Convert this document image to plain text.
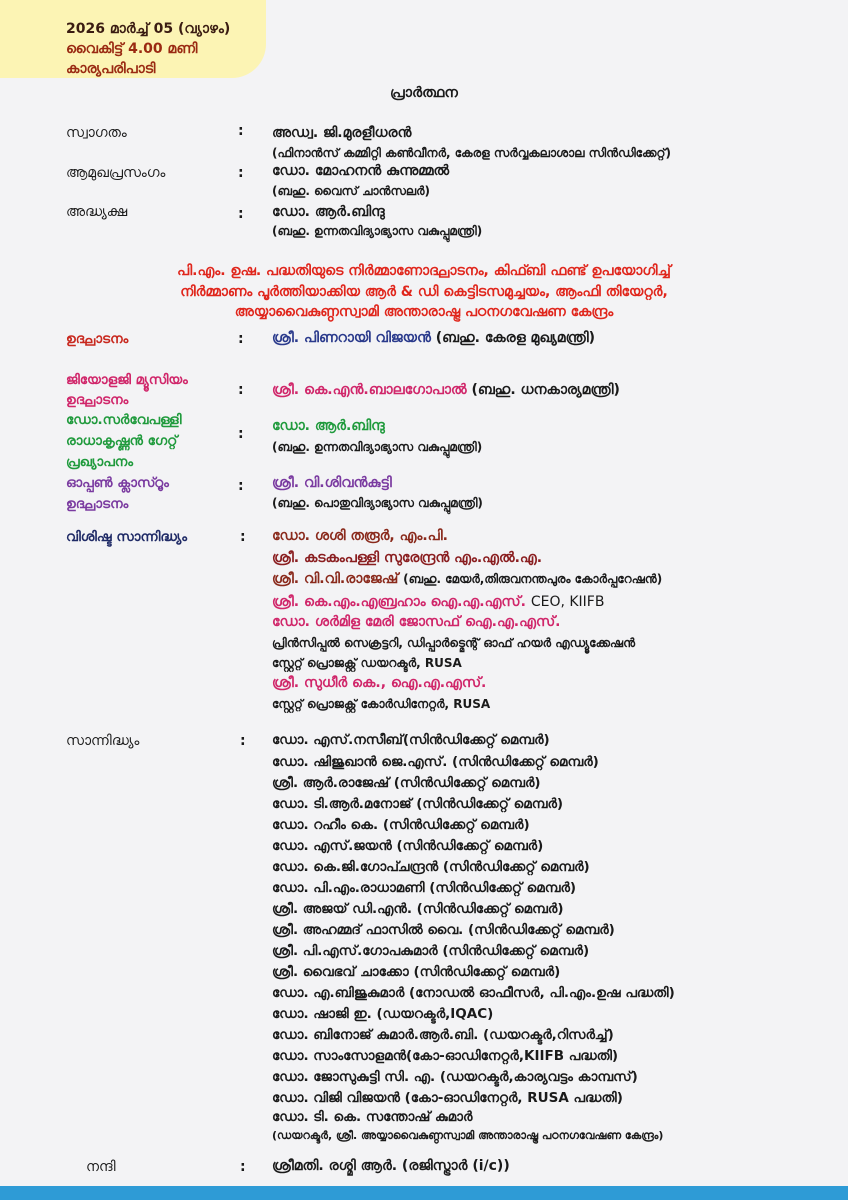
2026 മാർച്ച് 05 (വ്യാഴം)
വൈകിട്ട് 4.00 മണി
കാര്യപരിപാടി
പ്രാർത്ഥന
സ്വാഗതം	: അഡ്വ. ജി.മുരളീധരൻ
(ഫിനാൻസ് കമ്മിറ്റി കൺവീനർ, കേരള സർവ്വകലാശാല സിൻഡിക്കേറ്റ്)
ആമുഖപ്രസംഗം	: ഡോ. മോഹനൻ കുന്നുമ്മൽ
(ബഹു. വൈസ് ചാൻസലർ)
അദ്ധ്യക്ഷ	: ഡോ. ആർ.ബിന്ദു
(ബഹു. ഉന്നതവിദ്യാഭ്യാസ വകുപ്പുമന്ത്രി)
പി.എം. ഉഷ. പദ്ധതിയുടെ നിർമ്മാണോദ്ഘാടനം, കിഫ്ബി ഫണ്ട് ഉപയോഗിച്ച്
നിർമ്മാണം പൂർത്തിയാക്കിയ ആർ & ഡി കെട്ടിടസമുച്ചയം, ആംഫി തിയേറ്റർ,
അയ്യാവൈകുണ്ഠസ്വാമി അന്താരാഷ്ട്ര പഠനഗവേഷണ കേന്ദ്രം
ഉദ്ഘാടനം	: ശ്രീ. പിണറായി വിജയൻ (ബഹു. കേരള മുഖ്യമന്ത്രി)
ജിയോളജി മ്യൂസിയം
ഉദ്ഘാടനം
: ശ്രീ. കെ.എൻ.ബാലഗോപാൽ (ബഹു. ധനകാര്യമന്ത്രി)
ഡോ.സർവേപള്ളി
രാധാകൃഷ്ണൻ ഗേറ്റ്
പ്രഖ്യാപനം
: ഡോ. ആർ.ബിന്ദു
(ബഹു. ഉന്നതവിദ്യാഭ്യാസ വകുപ്പുമന്ത്രി)
ഓപ്പൺ ക്ലാസ്റൂം
ഉദ്ഘാടനം
: ശ്രീ. വി.ശിവൻകുട്ടി
(ബഹു. പൊതുവിദ്യാഭ്യാസ വകുപ്പുമന്ത്രി)
വിശിഷ്ട സാന്നിദ്ധ്യം	: ഡോ. ശശി തരൂർ, എം.പി.
ശ്രീ. കടകംപള്ളി സുരേന്ദ്രൻ എം.എൽ.എ.
ശ്രീ. വി.വി.രാജേഷ് (ബഹു. മേയർ,തിരുവനന്തപുരം കോർപ്പറേഷൻ)
ശ്രീ. കെ.എം.എബ്രഹാം ഐ.എ.എസ്. CEO, KIIFB
ഡോ. ശർമിള മേരി ജോസഫ് ഐ.എ.എസ്.
പ്രിൻസിപ്പൽ സെക്രട്ടറി, ഡിപ്പാർട്മെന്റ് ഓഫ് ഹയർ എഡ്യൂക്കേഷൻ
സ്റ്റേറ്റ് പ്രൊജക്റ്റ് ഡയറക്ടർ, RUSA
ശ്രീ. സുധീർ കെ., ഐ.എ.എസ്.
സ്റ്റേറ്റ് പ്രൊജക്റ്റ് കോർഡിനേറ്റർ, RUSA
സാന്നിദ്ധ്യം	: ഡോ. എസ്.നസീബ്(സിൻഡിക്കേറ്റ് മെമ്പർ)
ഡോ. ഷിജുഖാൻ ജെ.എസ്. (സിൻഡിക്കേറ്റ് മെമ്പർ)
ശ്രീ. ആർ.രാജേഷ് (സിൻഡിക്കേറ്റ് മെമ്പർ)
ഡോ. ടി.ആർ.മനോജ് (സിൻഡിക്കേറ്റ് മെമ്പർ)
ഡോ. റഹീം കെ. (സിൻഡിക്കേറ്റ് മെമ്പർ)
ഡോ. എസ്.ജയൻ (സിൻഡിക്കേറ്റ് മെമ്പർ)
ഡോ. കെ.ജി.ഗോപ്ചന്ദ്രൻ (സിൻഡിക്കേറ്റ് മെമ്പർ)
ഡോ. പി.എം.രാധാമണി (സിൻഡിക്കേറ്റ് മെമ്പർ)
ശ്രീ. അജയ് ഡി.എൻ. (സിൻഡിക്കേറ്റ് മെമ്പർ)
ശ്രീ. അഹമ്മദ് ഫാസിൽ വൈ. (സിൻഡിക്കേറ്റ് മെമ്പർ)
ശ്രീ. പി.എസ്.ഗോപകുമാർ (സിൻഡിക്കേറ്റ് മെമ്പർ)
ശ്രീ. വൈഭവ് ചാക്കോ (സിൻഡിക്കേറ്റ് മെമ്പർ)
ഡോ. എ.ബിജുകുമാർ (നോഡൽ ഓഫീസർ, പി.എം.ഉഷ പദ്ധതി)
ഡോ. ഷാജി ഇ. (ഡയറക്ടർ,IQAC)
ഡോ. ബിനോജ് കുമാർ.ആർ.ബി. (ഡയറക്ടർ,റിസർച്ച്)
ഡോ. സാംസോളമൻ(കോ-ഓഡിനേറ്റർ,KIIFB പദ്ധതി)
ഡോ. ജോസുകുട്ടി സി. എ. (ഡയറക്ടർ,കാര്യവട്ടം കാമ്പസ്)
ഡോ. വിജി വിജയൻ (കോ-ഓഡിനേറ്റർ, RUSA പദ്ധതി)
ഡോ. ടി. കെ. സന്തോഷ് കുമാർ
(ഡയറക്ടർ, ശ്രീ. അയ്യാവൈകുണ്ഠസ്വാമി അന്താരാഷ്ട്ര പഠനഗവേഷണ കേന്ദ്രം)
നന്ദി	: ശ്രീമതി. രശ്മി ആർ. (രജിസ്ട്രാർ (i/c))
